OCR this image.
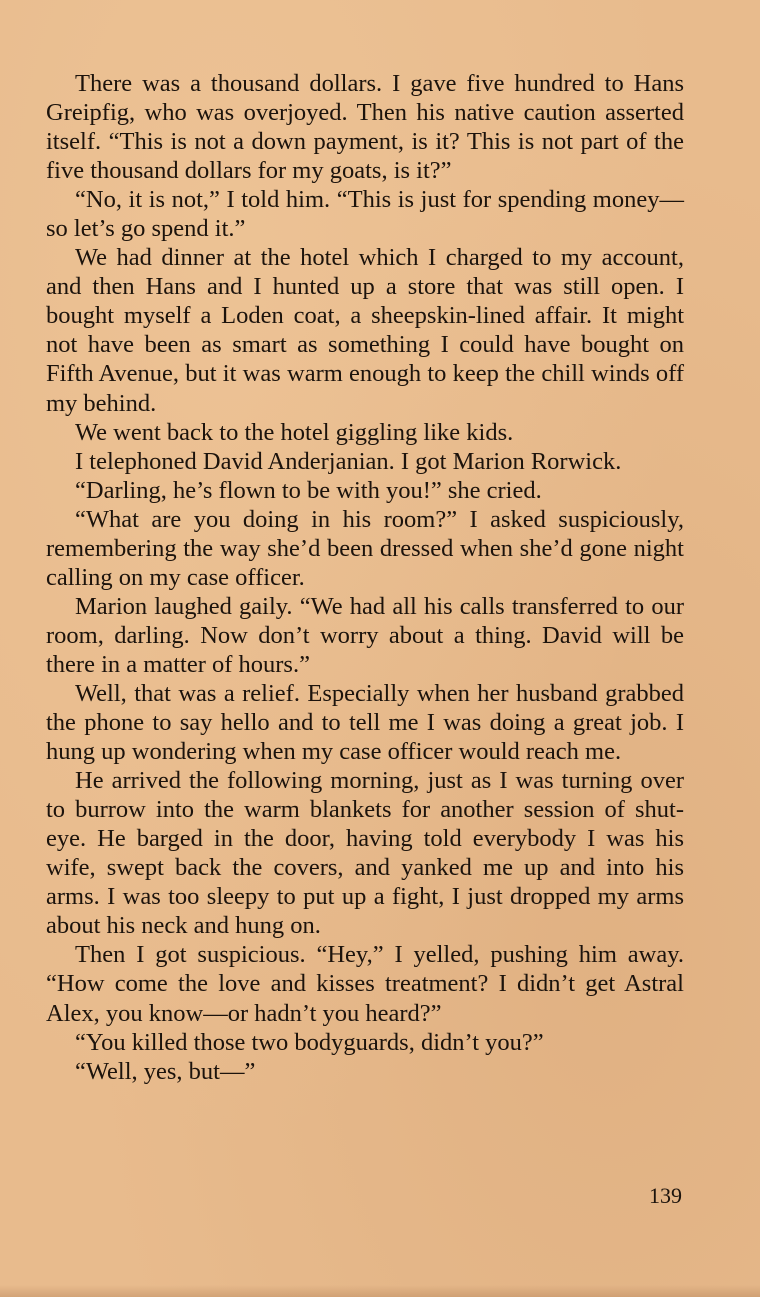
There was a thousand dollars. I gave five hundred to Hans Greipfig, who was overjoyed. Then his native caution asserted itself. “This is not a down payment, is it? This is not part of the five thousand dollars for my goats, is it?”

“No, it is not,” I told him. “This is just for spending money—so let’s go spend it.”

We had dinner at the hotel which I charged to my account, and then Hans and I hunted up a store that was still open. I bought myself a Loden coat, a sheepskin-lined affair. It might not have been as smart as something I could have bought on Fifth Avenue, but it was warm enough to keep the chill winds off my behind.

We went back to the hotel giggling like kids.

I telephoned David Anderjanian. I got Marion Rorwick.

“Darling, he’s flown to be with you!” she cried.

“What are you doing in his room?” I asked suspiciously, remembering the way she’d been dressed when she’d gone night calling on my case officer.

Marion laughed gaily. “We had all his calls transferred to our room, darling. Now don’t worry about a thing. David will be there in a matter of hours.”

Well, that was a relief. Especially when her husband grabbed the phone to say hello and to tell me I was doing a great job. I hung up wondering when my case officer would reach me.

He arrived the following morning, just as I was turning over to burrow into the warm blankets for another session of shut-eye. He barged in the door, having told everybody I was his wife, swept back the covers, and yanked me up and into his arms. I was too sleepy to put up a fight, I just dropped my arms about his neck and hung on.

Then I got suspicious. “Hey,” I yelled, pushing him away. “How come the love and kisses treatment? I didn’t get Astral Alex, you know—or hadn’t you heard?”

“You killed those two bodyguards, didn’t you?”

“Well, yes, but—”

139
